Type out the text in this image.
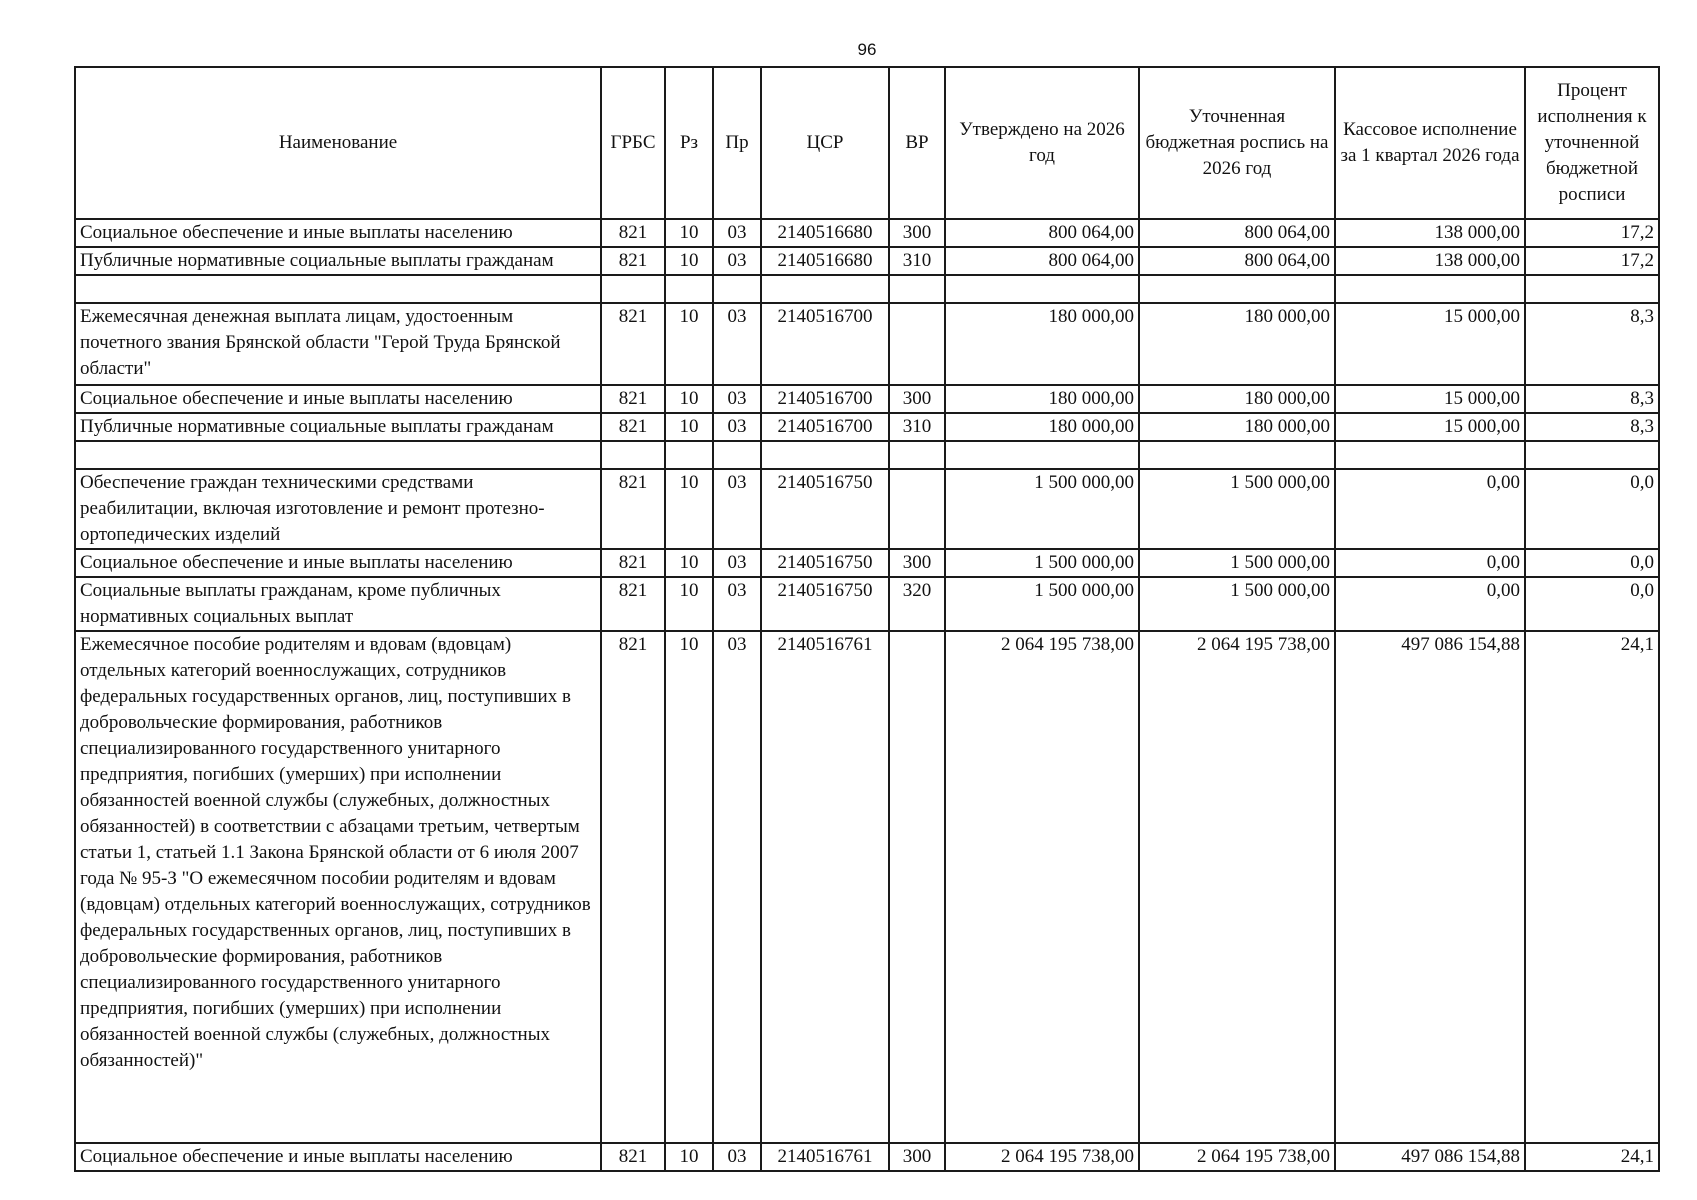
96
Наименование	ГРБС	Рз	Пр	ЦСР	ВР	Утверждено на 2026 год	Уточненная бюджетная роспись на 2026 год	Кассовое исполнение за 1 квартал 2026 года	Процент исполнения к уточненной бюджетной росписи
Социальное обеспечение и иные выплаты населению	821	10	03	2140516680	300	800 064,00	800 064,00	138 000,00	17,2
Публичные нормативные социальные выплаты гражданам	821	10	03	2140516680	310	800 064,00	800 064,00	138 000,00	17,2

Ежемесячная денежная выплата лицам, удостоенным почетного звания Брянской области "Герой Труда Брянской области"	821	10	03	2140516700		180 000,00	180 000,00	15 000,00	8,3
Социальное обеспечение и иные выплаты населению	821	10	03	2140516700	300	180 000,00	180 000,00	15 000,00	8,3
Публичные нормативные социальные выплаты гражданам	821	10	03	2140516700	310	180 000,00	180 000,00	15 000,00	8,3

Обеспечение граждан техническими средствами реабилитации, включая изготовление и ремонт протезно-ортопедических изделий	821	10	03	2140516750		1 500 000,00	1 500 000,00	0,00	0,0
Социальное обеспечение и иные выплаты населению	821	10	03	2140516750	300	1 500 000,00	1 500 000,00	0,00	0,0
Социальные выплаты гражданам, кроме публичных нормативных социальных выплат	821	10	03	2140516750	320	1 500 000,00	1 500 000,00	0,00	0,0
Ежемесячное пособие родителям и вдовам (вдовцам) отдельных категорий военнослужащих, сотрудников федеральных государственных органов, лиц, поступивших в добровольческие формирования, работников специализированного государственного унитарного предприятия, погибших (умерших) при исполнении обязанностей военной службы (служебных, должностных обязанностей) в соответствии с абзацами третьим, четвертым статьи 1, статьей 1.1 Закона Брянской области от 6 июля 2007 года № 95-З "О ежемесячном пособии родителям и вдовам (вдовцам) отдельных категорий военнослужащих, сотрудников федеральных государственных органов, лиц, поступивших в добровольческие формирования, работников специализированного государственного унитарного предприятия, погибших (умерших) при исполнении обязанностей военной службы (служебных, должностных обязанностей)"	821	10	03	2140516761		2 064 195 738,00	2 064 195 738,00	497 086 154,88	24,1
Социальное обеспечение и иные выплаты населению	821	10	03	2140516761	300	2 064 195 738,00	2 064 195 738,00	497 086 154,88	24,1
